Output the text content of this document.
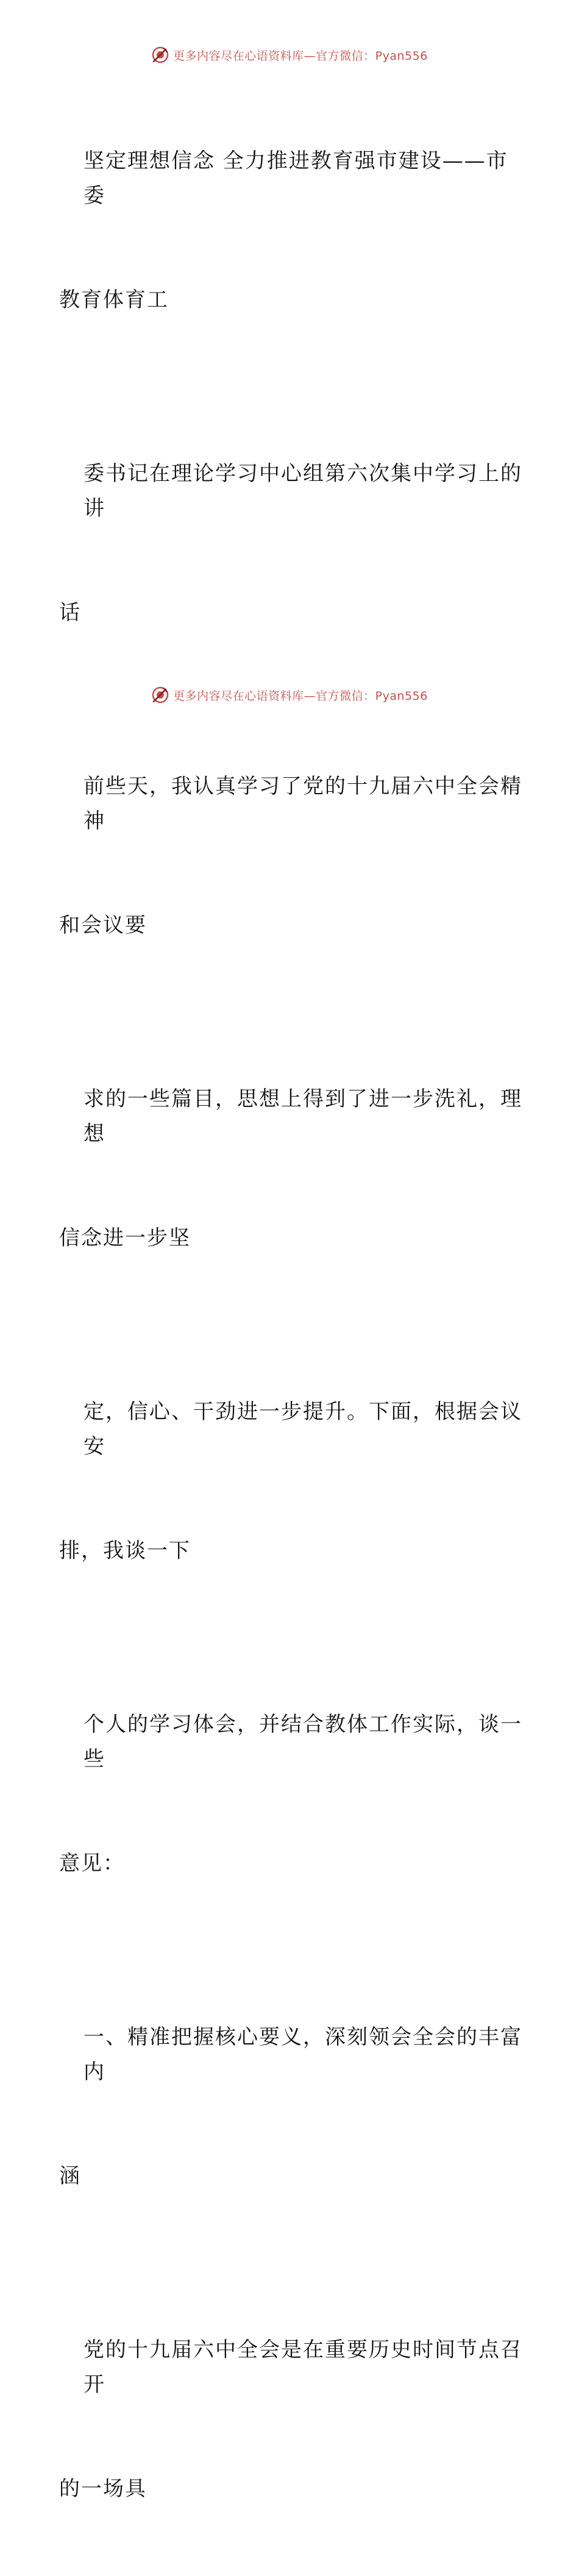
更多内容尽在心语资料库—官方微信：Pyan556

坚定理想信念 全力推进教育强市建设——市委

教育体育工

委书记在理论学习中心组第六次集中学习上的讲

话

前些天，我认真学习了党的十九届六中全会精神

和会议要

求的一些篇目，思想上得到了进一步洗礼，理想

信念进一步坚

定，信心、干劲进一步提升。下面，根据会议安

排，我谈一下

个人的学习体会，并结合教体工作实际，谈一些

意见：

一、精准把握核心要义，深刻领会全会的丰富内

涵

党的十九届六中全会是在重要历史时间节点召开

的一场具

更多内容尽在心语资料库—官方微信：Pyan556
